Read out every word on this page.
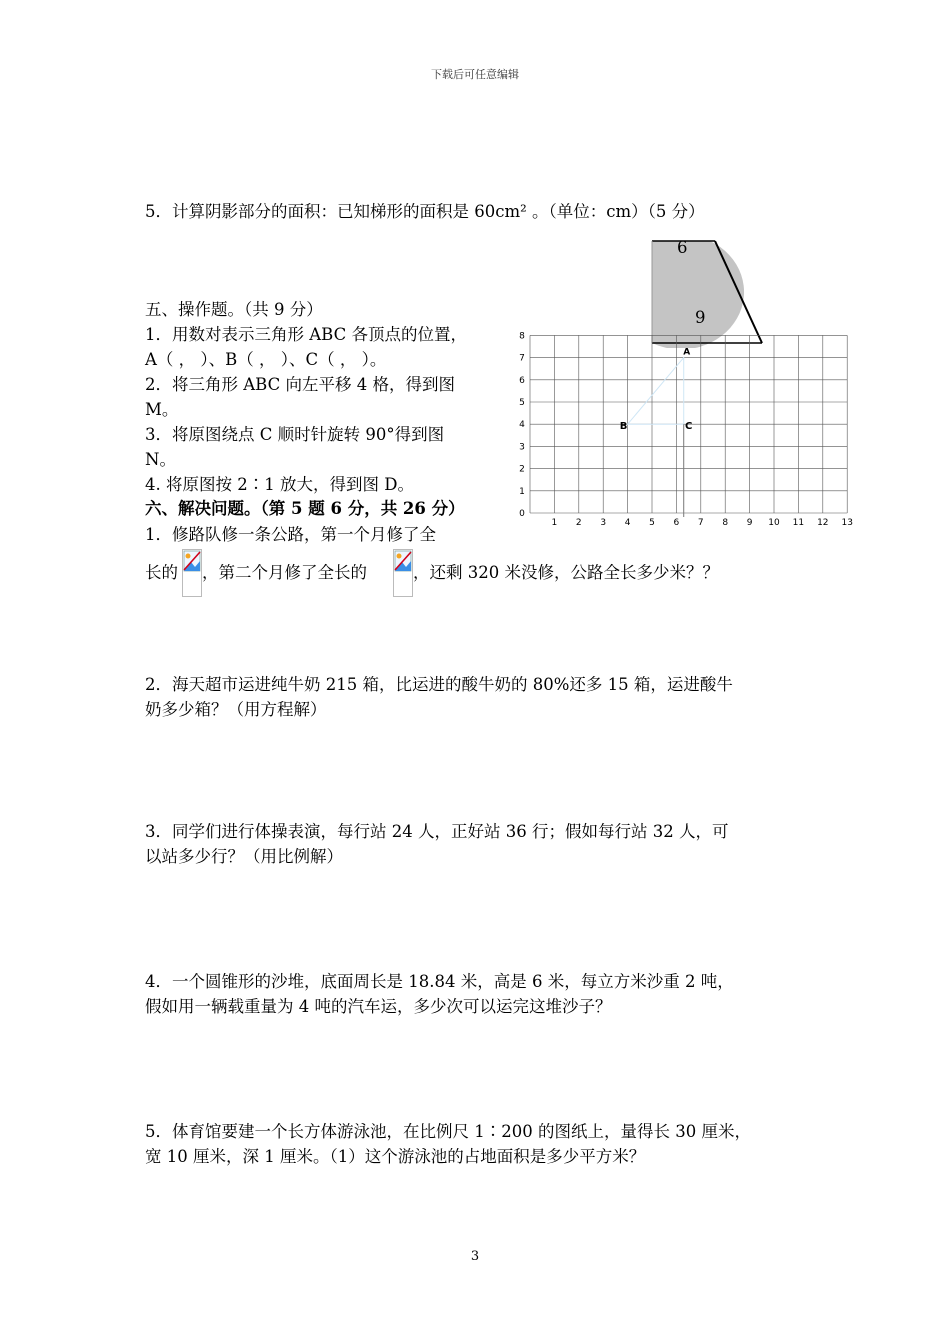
下载后可任意编辑
5．计算阴影部分的面积：已知梯形的面积是 60cm² 。（单位：cm）（5 分）
6
9
五、操作题。（共 9 分）
1．用数对表示三角形 ABC 各顶点的位置，
A（ ， ）、B（ ， ）、C（ ， ）。
2．将三角形 ABC 向左平移 4 格，得到图
M。
3．将原图绕点 C 顺时针旋转 90°得到图
N。
4. 将原图按 2∶1 放大，得到图 D。
1 2 3 4 5 6 7 8 9 10 11 12 13
0
1
2
3
4
5
6
7
8
B	C
A
六、解决问题。（第 5 题 6 分，共 26 分）
1．修路队修一条公路，第一个月修了全
长的 ，第二个月修了全长的	，还剩 320 米没修，公路全长多少米？？
2．海天超市运进纯牛奶 215 箱，比运进的酸牛奶的 80%还多 15 箱，运进酸牛
奶多少箱？（用方程解）
3．同学们进行体操表演，每行站 24 人，正好站 36 行；假如每行站 32 人，可
以站多少行？（用比例解）
4．一个圆锥形的沙堆，底面周长是 18.84 米，高是 6 米，每立方米沙重 2 吨，
假如用一辆载重量为 4 吨的汽车运，多少次可以运完这堆沙子？
5．体育馆要建一个长方体游泳池，在比例尺 1∶200 的图纸上，量得长 30 厘米，
宽 10 厘米，深 1 厘米。（1）这个游泳池的占地面积是多少平方米？
3
